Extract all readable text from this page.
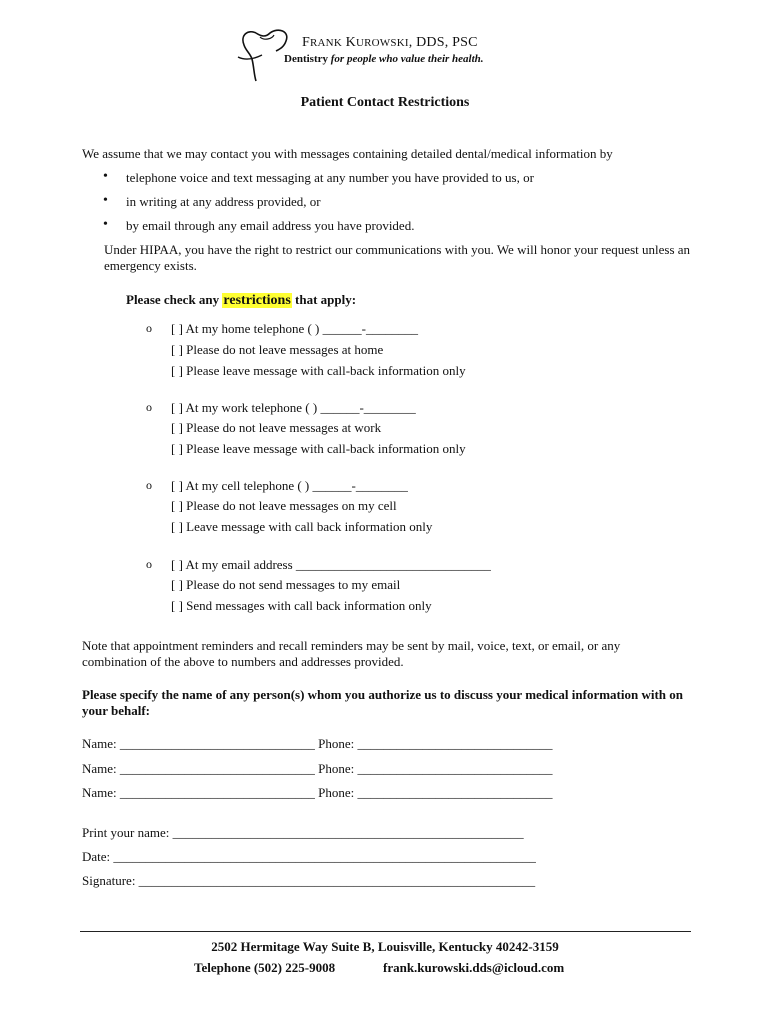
FRANK KUROWSKI, DDS, PSC
Dentistry for people who value their health.
Patient Contact Restrictions
We assume that we may contact you with messages containing detailed dental/medical information by
• telephone voice and text messaging at any number you have provided to us, or
• in writing at any address provided, or
• by email through any email address you have provided.
Under HIPAA, you have the right to restrict our communications with you. We will honor your request unless an emergency exists.
Please check any restrictions that apply:
o [ ] At my home telephone ( ) ______-________
[ ] Please do not leave messages at home
[ ] Please leave message with call-back information only
o [ ] At my work telephone ( ) ______-________
[ ] Please do not leave messages at work
[ ] Please leave message with call-back information only
o [ ] At my cell telephone ( ) ______-________
[ ] Please do not leave messages on my cell
[ ] Leave message with call back information only
o [ ] At my email address ______________________________
[ ] Please do not send messages to my email
[ ] Send messages with call back information only
Note that appointment reminders and recall reminders may be sent by mail, voice, text, or email, or any combination of the above to numbers and addresses provided.
Please specify the name of any person(s) whom you authorize us to discuss your medical information with on your behalf:
Name: ______________________________ Phone: ______________________________
Name: ______________________________ Phone: ______________________________
Name: ______________________________ Phone: ______________________________
Print your name: ______________________________________________________
Date: _________________________________________________________________
Signature: _____________________________________________________________
2502 Hermitage Way Suite B, Louisville, Kentucky 40242-3159
Telephone (502) 225-9008	frank.kurowski.dds@icloud.com
